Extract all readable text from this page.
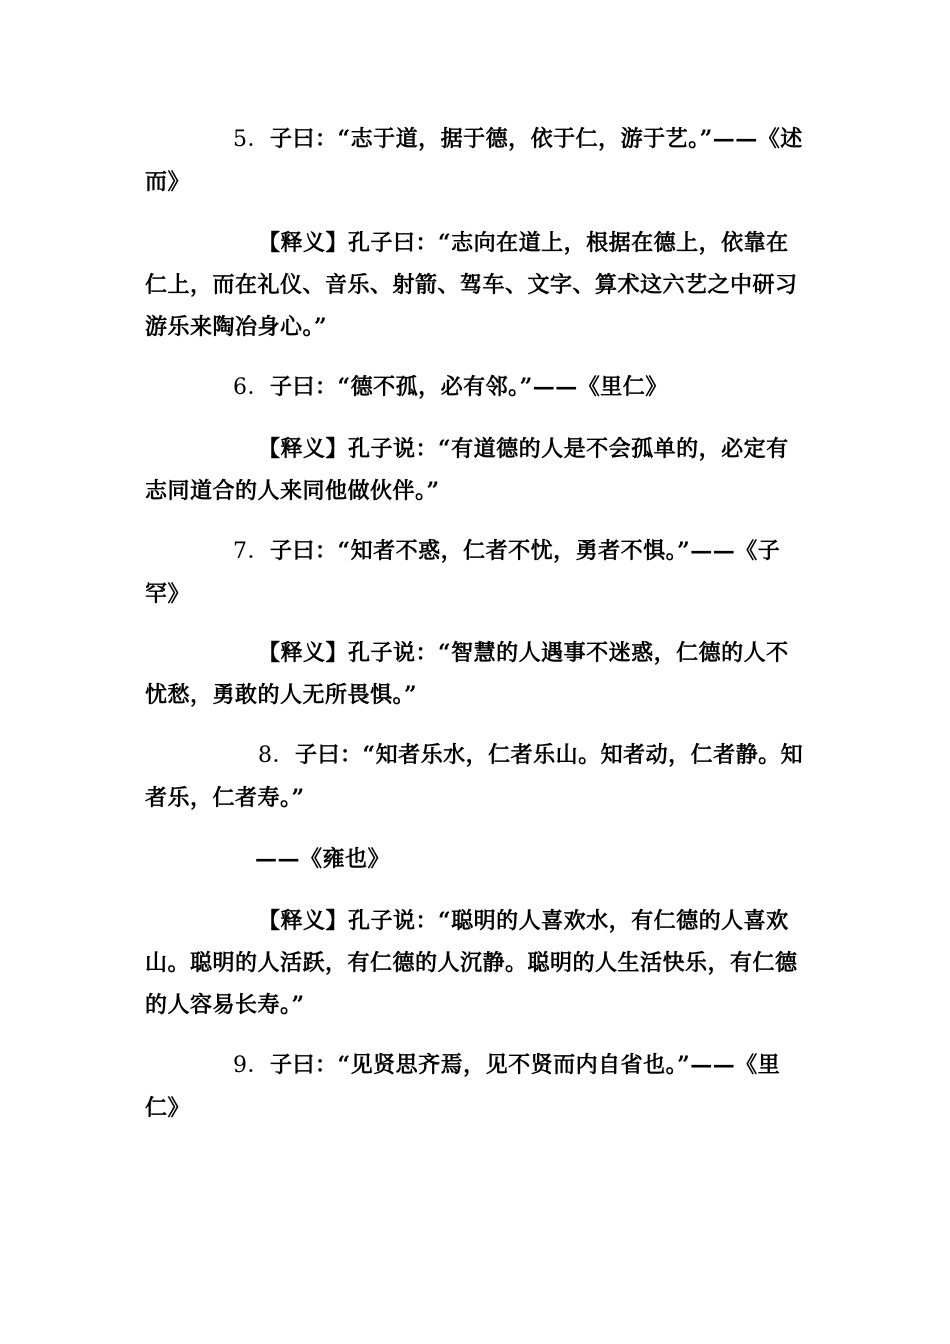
5．子曰：“志于道，据于德，依于仁，游于艺。”——《述而》

【释义】孔子曰：“志向在道上，根据在德上，依靠在仁上，而在礼仪、音乐、射箭、驾车、文字、算术这六艺之中研习游乐来陶冶身心。”

6．子曰：“德不孤，必有邻。”——《里仁》

【释义】孔子说：“有道德的人是不会孤单的，必定有志同道合的人来同他做伙伴。”

7．子曰：“知者不惑，仁者不忧，勇者不惧。”——《子罕》

【释义】孔子说：“智慧的人遇事不迷惑，仁德的人不忧愁，勇敢的人无所畏惧。”

8．子曰：“知者乐水，仁者乐山。知者动，仁者静。知者乐，仁者寿。”

——《雍也》

【释义】孔子说：“聪明的人喜欢水，有仁德的人喜欢山。聪明的人活跃，有仁德的人沉静。聪明的人生活快乐，有仁德的人容易长寿。”

9．子曰：“见贤思齐焉，见不贤而内自省也。”——《里仁》
